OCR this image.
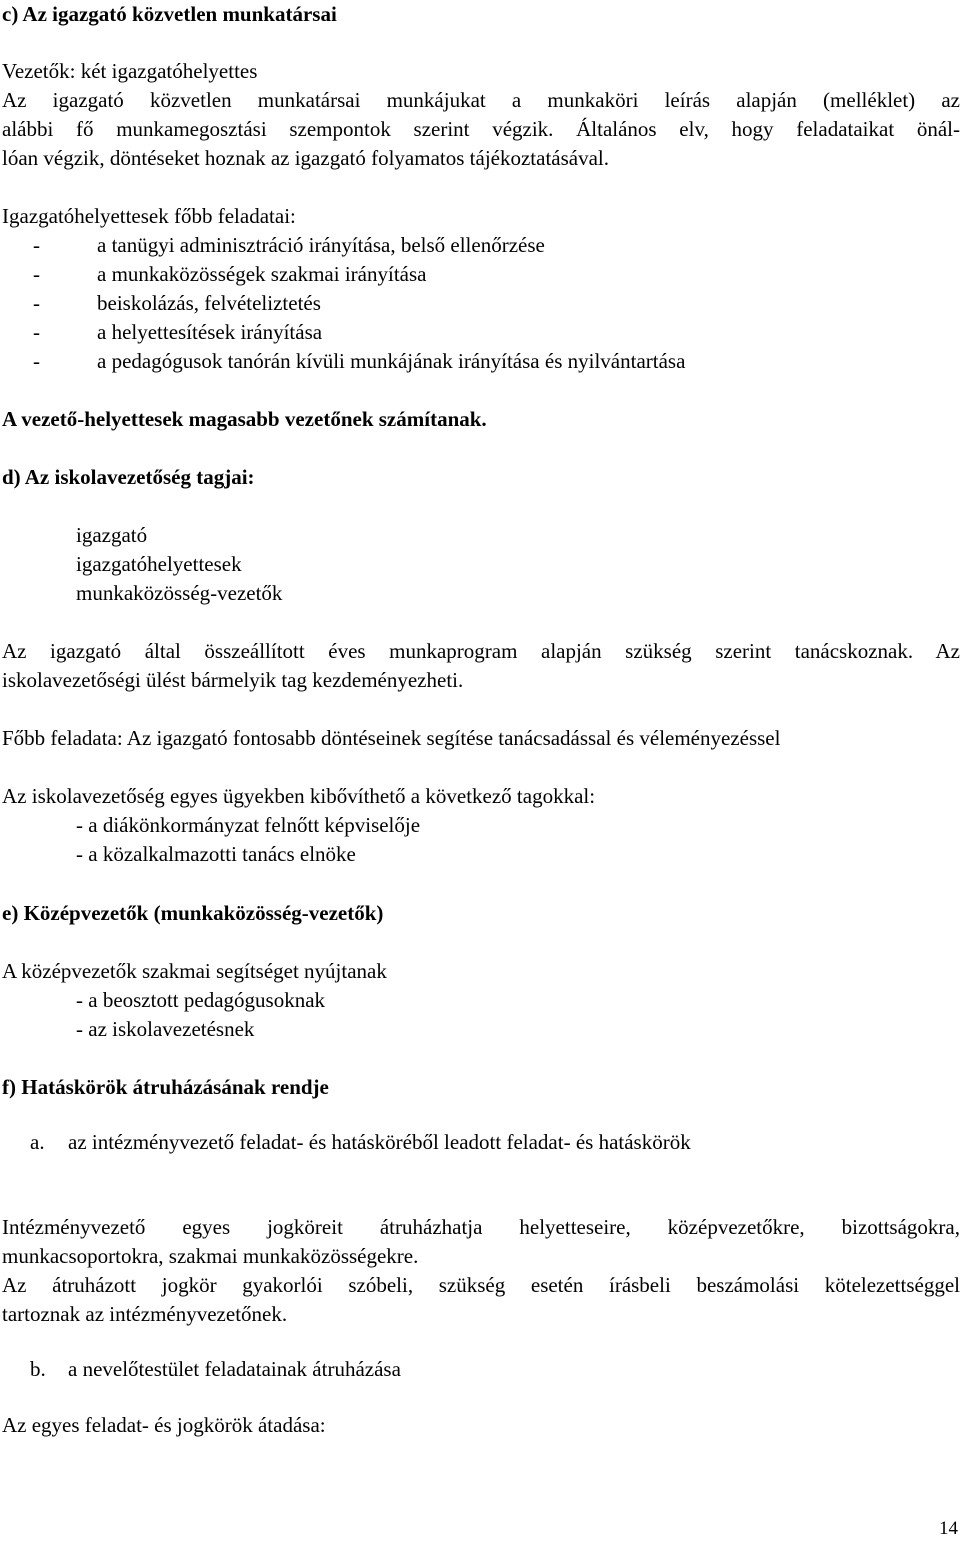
c) Az igazgató közvetlen munkatársai
Vezetők: két igazgatóhelyettes
Az igazgató közvetlen munkatársai munkájukat a munkaköri leírás alapján (melléklet) az
alábbi fő munkamegosztási szempontok szerint végzik. Általános elv, hogy feladataikat önál-
lóan végzik, döntéseket hoznak az igazgató folyamatos tájékoztatásával.
Igazgatóhelyettesek főbb feladatai:
-	a tanügyi adminisztráció irányítása, belső ellenőrzése
-	a munkaközösségek szakmai irányítása
-	beiskolázás, felvételiztetés
-	a helyettesítések irányítása
-	a pedagógusok tanórán kívüli munkájának irányítása és nyilvántartása
A vezető-helyettesek magasabb vezetőnek számítanak.
d) Az iskolavezetőség tagjai:
igazgató
igazgatóhelyettesek
munkaközösség-vezetők
Az igazgató által összeállított éves munkaprogram alapján szükség szerint tanácskoznak. Az
iskolavezetőségi ülést bármelyik tag kezdeményezheti.
Főbb feladata: Az igazgató fontosabb döntéseinek segítése tanácsadással és véleményezéssel
Az iskolavezetőség egyes ügyekben kibővíthető a következő tagokkal:
- a diákönkormányzat felnőtt képviselője
- a közalkalmazotti tanács elnöke
e) Középvezetők (munkaközösség-vezetők)
A középvezetők szakmai segítséget nyújtanak
- a beosztott pedagógusoknak
- az iskolavezetésnek
f) Hatáskörök átruházásának rendje
a. az intézményvezető feladat- és hatásköréből leadott feladat- és hatáskörök
Intézményvezető egyes jogköreit átruházhatja helyetteseire, középvezetőkre, bizottságokra,
munkacsoportokra, szakmai munkaközösségekre.
Az átruházott jogkör gyakorlói szóbeli, szükség esetén írásbeli beszámolási kötelezettséggel
tartoznak az intézményvezetőnek.
b. a nevelőtestület feladatainak átruházása
Az egyes feladat- és jogkörök átadása:
14
